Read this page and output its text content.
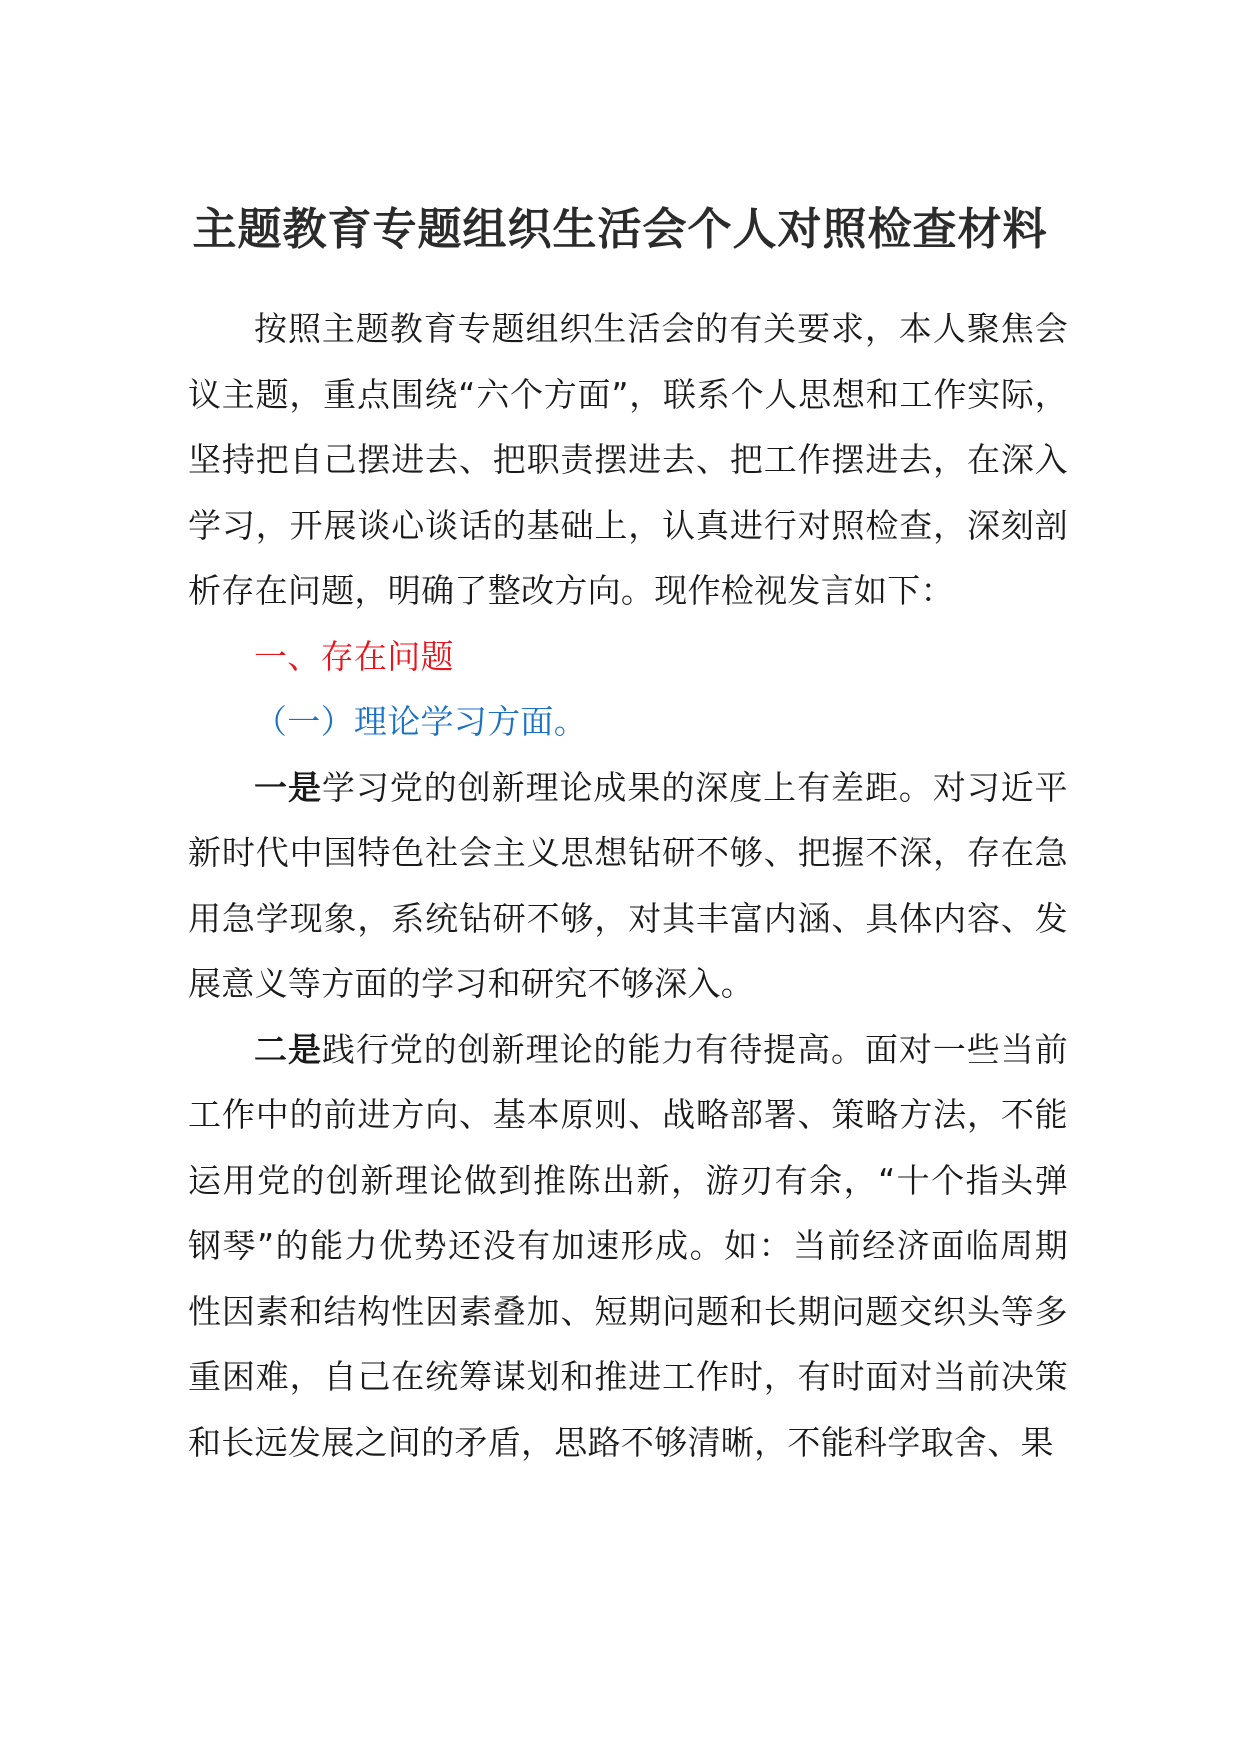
主题教育专题组织生活会个人对照检查材料

按照主题教育专题组织生活会的有关要求，本人聚焦会议主题，重点围绕“六个方面”，联系个人思想和工作实际，坚持把自己摆进去、把职责摆进去、把工作摆进去，在深入学习，开展谈心谈话的基础上，认真进行对照检查，深刻剖析存在问题，明确了整改方向。现作检视发言如下：

一、存在问题

（一）理论学习方面。

一是学习党的创新理论成果的深度上有差距。对习近平新时代中国特色社会主义思想钻研不够、把握不深，存在急用急学现象，系统钻研不够，对其丰富内涵、具体内容、发展意义等方面的学习和研究不够深入。

二是践行党的创新理论的能力有待提高。面对一些当前工作中的前进方向、基本原则、战略部署、策略方法，不能运用党的创新理论做到推陈出新，游刃有余，“十个指头弹钢琴”的能力优势还没有加速形成。如：当前经济面临周期性因素和结构性因素叠加、短期问题和长期问题交织头等多重困难，自己在统筹谋划和推进工作时，有时面对当前决策和长远发展之间的矛盾，思路不够清晰，不能科学取舍、果
